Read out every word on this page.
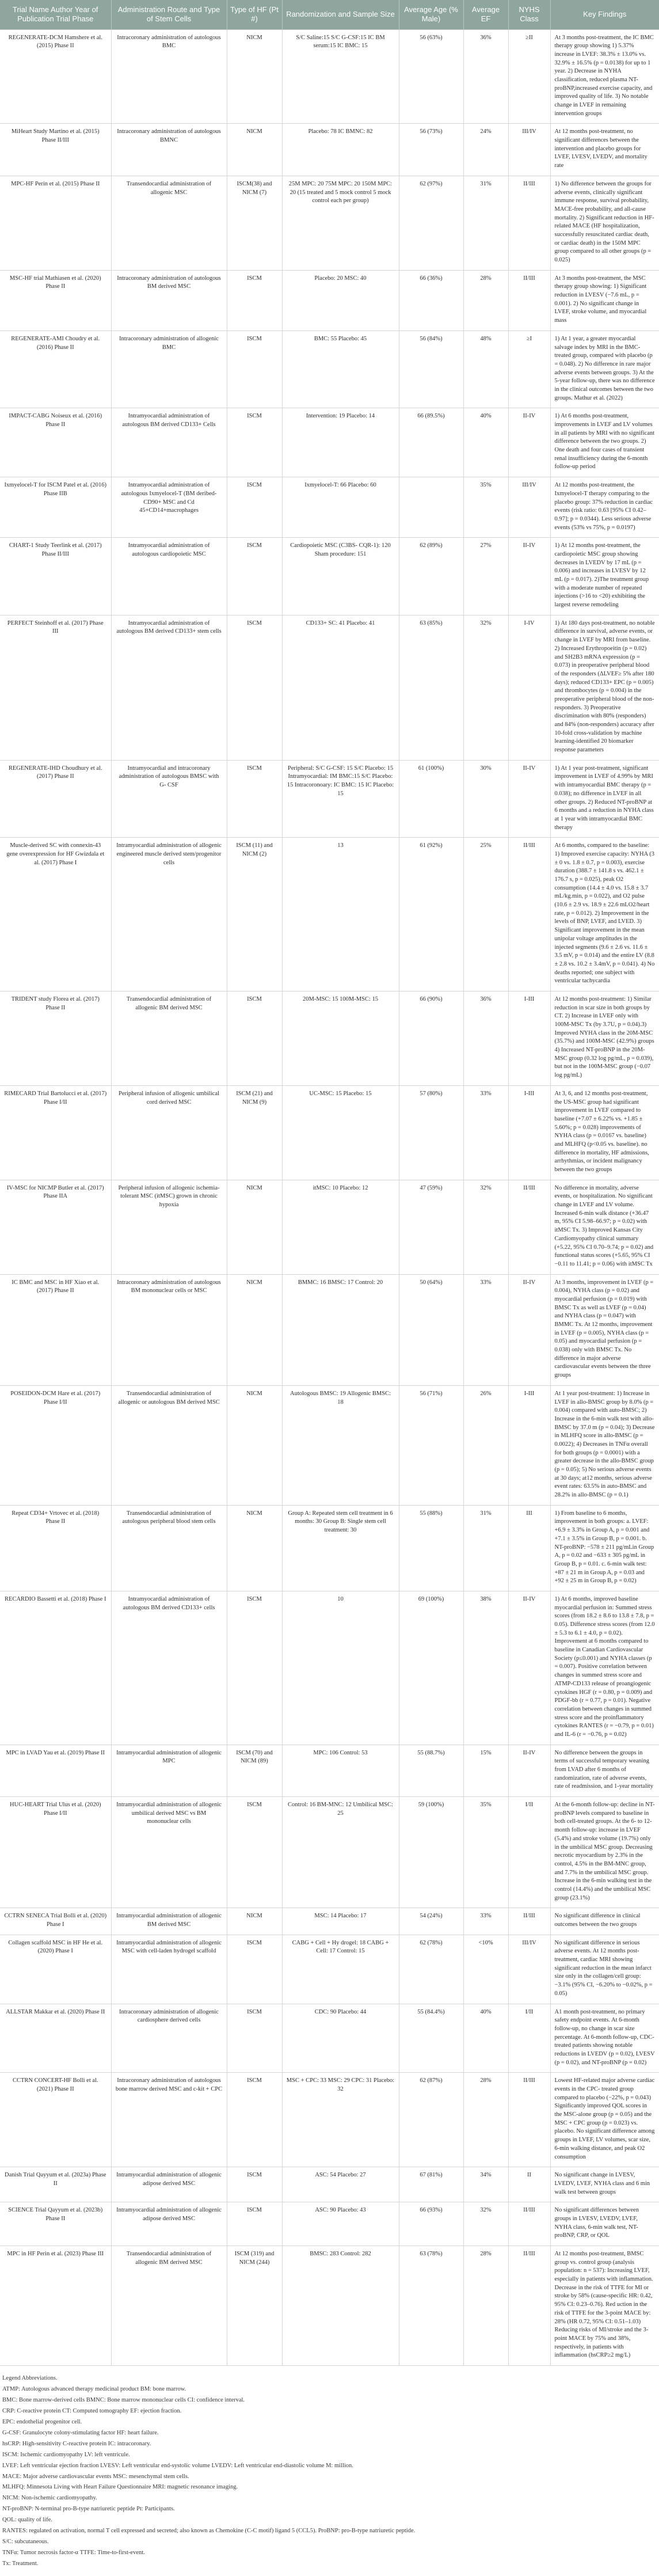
Trial Name Author Year of Publication Trial Phase	Administration Route and Type of Stem Cells	Type of HF (Pt #)	Randomization and Sample Size	Average Age (% Male)	Average EF	NYHS Class	Key Findings
REGENERATE-DCM Hamshere et al. (2015) Phase II	Intracoronary administration of autologous BMC	NICM	S/C Saline:15 S/C G-CSF:15 IC BM serum:15 IC BMC: 15	56 (63%)	36%	≥II	At 3 months post-treatment, the IC BMC therapy group showing 1) 5.37% increase in LVEF: 38.3% ± 13.0% vs. 32.9% ± 16.5% (p = 0.0138) for up to 1 year. 2) Decrease in NYHA classification, reduced plasma NT-proBNP,increased exercise capacity, and improved quality of life. 3) No notable change in LVEF in remaining intervention groups
MiHeart Study Martino et al. (2015) Phase II/III	Intracoronary administration of autologous BMNC	NICM	Placebo: 78 IC BMNC: 82	56 (73%)	24%	III/IV	At 12 months post-treatment, no significant differences between the intervention and placebo groups for LVEF, LVESV, LVEDV, and mortality rate
MPC-HF Perin et al. (2015) Phase II	Transendocardial administration of allogenic MSC	ISCM(38) and NICM (7)	25M MPC: 20 75M MPC: 20 150M MPC: 20 (15 treated and 5 mock control 5 mock control each per group)	62 (97%)	31%	II/III	1) No difference between the groups for adverse events, clinically significant immune response, survival probability, MACE-free probability, and all-cause mortality. 2) Significant reduction in HF-related MACE (HF hospitalization, successfully resuscitated cardiac death, or cardiac death) in the 150M MPC group compared to all other groups (p = 0.025)
MSC-HF trial Mathiasen et al. (2020) Phase II	Intracoronary administration of autologous BM derived MSC	ISCM	Placebo: 20 MSC: 40	66 (36%)	28%	II/III	At 3 months post-treatment, the MSC therapy group showing: 1) Significant reduction in LVESV (−7.6 mL, p = 0.001). 2) No significant change in LVEF, stroke volume, and myocardial mass
REGENERATE-AMI Choudry et al. (2016) Phase II	Intracoronary administration of allogenic BMC	ISCM	BMC: 55 Placebo: 45	56 (84%)	48%	≥I	1) At 1 year, a greater myocardial salvage index by MRI in the BMC-treated group, compared with placebo (p = 0.048). 2) No difference in rare major adverse events between groups. 3) At the 5-year follow-up, there was no difference in the clinical outcomes between the two groups. Mathur et al. (2022)
IMPACT-CABG Noiseux et al. (2016) Phase II	Intramyocardial administration of autologous BM derived CD133+ Cells	ISCM	Intervention: 19 Placebo: 14	66 (89.5%)	40%	II-IV	1) At 6 months post-treatment, improvements in LVEF and LV volumes in all patients by MRI with no significant difference between the two groups. 2) One death and four cases of transient renal insufficiency during the 6-month follow-up period
Ixmyelocel-T for ISCM Patel et al. (2016) Phase IIB	Intramyocardial administration of autologous Ixmyelocel-T (BM deribed-CD90+ MSC and Cd 45+CD14+macrophages	ISCM	Ixmyelocel-T: 66 Placebo: 60		35%	III/IV	At 12 months post-treatment, the Ixmyelocel-T therapy comparing to the placebo group: 37% reduction in cardiac events (risk ratio: 0.63 [95% CI 0.42–0.97]; p = 0.0344). Less serious adverse events (53% vs 75%, p = 0.0197)
CHART-1 Study Teerlink et al. (2017) Phase II/III	Intramyocardial administration of autologous cardiopoietic MSC	ISCM	Cardiopoietic MSC (C3BS- CQR-1): 120 Sham procedure: 151	62 (89%)	27%	II-IV	1) At 12 months post-treatment, the cardiopoietic MSC group showing decreases in LVEDV by 17 mL (p = 0.006) and increases in LVESV by 12 mL (p = 0.017). 2)The treatment group with a moderate number of repeated injections (>16 to <20) exhibiting the largest reverse remodeling
PERFECT Steinhoff et al. (2017) Phase III	Intramyocardial administration of autologous BM derived CD133+ stem cells	ISCM	CD133+ SC: 41 Placebo: 41	63 (85%)	32%	I-IV	1) At 180 days post-treatment, no notable difference in survival, adverse events, or change in LVEF by MRI from baseline. 2) Increased Erythropoeitin (p = 0.02) and SH2B3 mRNA expression (p = 0.073) in preoperative peripheral blood of the responders (ΔLVEF≥ 5% after 180 days); reduced CD133+ EPC (p = 0.005) and thrombocytes (p = 0.004) in the preoperative peripheral blood of the non-responders. 3) Preoperative discrimination with 80% (responders) and 84% (non-responders) accuracy after 10-fold cross-validation by machine learning-identified 20 biomarker response parameters
REGENERATE-IHD Choudhury et al. (2017) Phase II	Intramyocardial and intracoronary administration of autologous BMSC with G- CSF	ISCM	Peripheral: S/C G-CSF: 15 S/C Placebo: 15 Intramyocardial: IM BMC:15 S/C Placebo: 15 Intracoronoary: IC BMC: 15 IC Placebo: 15	61 (100%)	30%	II-IV	1) At 1 year post-treatment, significant improvement in LVEF of 4.99% by MRI with intramyocardial BMC therapy (p = 0.038); no difference in LVEF in all other groups. 2) Reduced NT-proBNP at 6 months and a reduction in NYHA class at 1 year with intramyocardial BMC therapy
Muscle-derived SC with connexin-43 gene overexpression for HF Gwizdala et al. (2017) Phase I	Intramyocardial administration of allogenic engineered muscle derived stem/progenitor cells	ISCM (11) and NICM (2)	13	61 (92%)	25%	II/III	At 6 months, compared to the baseline: 1) Improved exercise capacity: NYHA (3 ± 0 vs. 1.8 ± 0.7, p = 0.003), exercise duration (388.7 ± 141.8 s vs. 462.1 ± 176.7 s, p = 0.025), peak O2 consumption (14.4 ± 4.0 vs. 15.8 ± 3.7 mL/kg.min, p = 0.022), and O2 pulse (10.6 ± 2.9 vs. 18.9 ± 22.6 mLO2/heart rate, p = 0.012). 2) Improvement in the levels of BNP, LVEF, and LVED. 3) Significant improvement in the mean unipolar voltage amplitudes in the injected segments (9.6 ± 2.6 vs. 11.6 ± 3.5 mV, p = 0.014) and the entire LV (8.8 ± 2.8 vs. 10.2 ± 3.4mV, p = 0.041). 4) No deaths reported; one subject with ventricular tachycardia
TRIDENT study Florea et al. (2017) Phase II	Transendocardial administration of allogenic BM derived MSC	ISCM	20M-MSC: 15 100M-MSC: 15	66 (90%)	36%	I-III	At 12 months post-treatment: 1) Similar reduction in scar size in both groups by CT. 2) Increase in LVEF only with 100M-MSC Tx (by 3.7U, p = 0.04).3) Improved NYHA class in the 20M-MSC (35.7%) and 100M-MSC (42.9%) groups 4) Increased NT-proBNP in the 20M-MSC group (0.32 log pg/mL, p = 0.039), but not in the 100M-MSC group (−0.07 log pg/mL)
RIMECARD Trial Bartolucci et al. (2017) Phase I/II	Peripheral infusion of allogenic umbilical cord derived MSC	ISCM (21) and NICM (9)	UC-MSC: 15 Placebo: 15	57 (80%)	33%	I-III	At 3, 6, and 12 months post-treatment, the US-MSC group had significant improvement in LVEF compared to baseline (+7.07 ± 6.22% vs. +1.85 ± 5.60%; p = 0.028) improvements of NYHA class (p = 0.0167 vs. baseline) and MLHFQ (p<0.05 vs. baseline). no difference in mortality, HF admissions, arrhythmias, or incident malignancy between the two groups
IV-MSC for NICMP Butler et al. (2017) Phase IIA	Peripheral infusion of allogenic ischemia-tolerant MSC (itMSC) grown in chronic hypoxia	NICM	itMSC: 10 Placebo: 12	47 (59%)	32%	II/III	No difference in mortality, adverse events, or hospitalization. No significant change in LVEF and LV volume. Increased 6-min walk distance (+36.47 m, 95% CI 5.98–66.97; p = 0.02) with itMSC Tx. 3) Improved Kansas City Cardiomyopathy clinical summary (+5.22, 95% CI 0.70–9.74; p = 0.02) and functional status scores (+5.65, 95% CI −0.11 to 11.41; p = 0.06) with itMSC Tx
IC BMC and MSC in HF Xiao et al. (2017) Phase II	Intracoronary administration of autologous BM mononuclear cells or MSC	NICM	BMMC: 16 BMSC: 17 Control: 20	50 (64%)	33%	II-IV	At 3 months, improvement in LVEF (p = 0.004), NYHA class (p = 0.02) and myocardial perfusion (p = 0.019) with BMSC Tx as well as LVEF (p = 0.04) and NYHA class (p = 0.047) with BMMC Tx. At 12 months, improvement in LVEF (p = 0.005), NYHA class (p = 0.05) and myocardial perfusion (p = 0.038) only with BMSC Tx. No difference in major adverse cardiovascular events between the three groups
POSEIDON-DCM Hare et al. (2017) Phase I/II	Transendocardial administration of allogenic or autologous BM derived MSC	NICM	Autologous BMSC: 19 Allogenic BMSC: 18	56 (71%)	26%	I-III	At 1 year post-treatment: 1) Increase in LVEF in allo-BMSC group by 8.0% (p = 0.004) compared with auto-BMSC; 2) Increase in the 6-min walk test with allo-BMSC by 37.0 m (p = 0.04); 3) Decrease in MLHFQ score in allo-BMSC (p = 0.0022); 4) Decreases in TNFα overall for both groups (p = 0.0001) with a greater decrease in the allo-BMSC group (p = 0.05); 5) No serious adverse events at 30 days; at12 months, serious adverse event rates: 63.5% in auto-BMSC and 28.2% in allo-BMSC (p = 0.1)
Repeat CD34+ Vrtovec et al. (2018) Phase II	Transendocardial administration of autologous peripheral blood stem cells	NICM	Group A: Repeated stem cell treatment in 6 months: 30 Group B: Single stem cell treatment: 30	55 (88%)	31%	III	1) From baseline to 6 months, improvement in both groups: a. LVEF: +6.9 ± 3.3% in Group A, p = 0.001 and +7.1 ± 3.5% in Group B, p = 0.001. b. NT-proBNP: −578 ± 211 pg/mLin Group A, p = 0.02 and −633 ± 305 pg/mL in Group B, p = 0.01. c. 6-min walk test: +87 ± 21 m in Group A, p = 0.03 and +92 ± 25 m in Group B, p = 0.02)
RECARDIO Bassetti et al. (2018) Phase I	Intramyocardial administration of autologous BM derived CD133+ cells	ISCM	10	69 (100%)	38%	II-IV	1) At 6 months, improved baseline myocardial perfusion in: Summed stress scores (from 18.2 ± 8.6 to 13.8 ± 7.8, p = 0.05). Difference stress scores (from 12.0 ± 5.3 to 6.1 ± 4.0, p = 0.02). Improvement at 6 months compared to baseline in Canadian Cardiovascular Society (p≤0.001) and NYHA classes (p = 0.007). Positive correlation between changes in summed stress score and ATMP-CD133 release of proangiogenic cytokines HGF (r = 0.80, p = 0.009) and PDGF-bb (r = 0.77, p = 0.01). Negative correlation between changes in summed stress score and the proinflammatory cytokines RANTES (r = −0.79, p = 0.01) and IL-6 (r = −0.76, p = 0.02)
MPC in LVAD Yau et al. (2019) Phase II	Intramyocardial administration of allogenic MPC	ISCM (70) and NICM (89)	MPC: 106 Control: 53	55 (88.7%)	15%	II-IV	No difference between the groups in terms of successful temporary weaning from LVAD after 6 months of randomization, rate of adverse events, rate of readmission, and 1-year mortality
HUC-HEART Trial Ulus et al. (2020) Phase I/II	Intramyocardial administration of allogenic umbilical derived MSC vs BM mononuclear cells	ISCM	Control: 16 BM-MNC: 12 Umbilical MSC: 25	59 (100%)	35%	I/II	At the 6-month follow-up: decline in NT-proBNP levels compared to baseline in both cell-treated groups. At the 6- to 12-month follow-up: increase in LVEF (5.4%) and stroke volume (19.7%) only in the umbilical MSC group. Decreasing necrotic myocardium by 2.3% in the control, 4.5% in the BM-MNC group, and 7.7% in the umbilical MSC group. Increase in the 6-min walking test in the control (14.4%) and the umbilical MSC group (23.1%)
CCTRN SENECA Trial Bolli et al. (2020) Phase I	Intramyocardial administration of allogenic BM derived MSC	NICM	MSC: 14 Placebo: 17	54 (24%)	33%	II/III	No significant difference in clinical outcomes between the two groups
Collagen scaffold MSC in HF He et al. (2020) Phase I	Intramyocardial administration of allogenic MSC with cell-laden hydrogel scaffold	ISCM	CABG + Cell + Hy drogel: 18 CABG + Cell: 17 Control: 15	62 (78%)	<10%	III/IV	No significant difference in serious adverse events. At 12 months post-treatment, cardiac MRI showing significant reduction in the mean infarct size only in the collagen/cell group: −3.1% (95% CI, −6.20% to −0.02%, p = 0.05)
ALLSTAR Makkar et al. (2020) Phase II	Intracoronary administration of allogenic cardiosphere derived cells	ISCM	CDC: 90 Placebo: 44	55 (84.4%)	40%	I/II	A1 month post-treatment, no primary safety endpoint events. At 6-month follow-up, no change in scar size percentage. At 6-month follow-up, CDC-treated patients showing notable reductions in LVEDV (p = 0.02), LVESV (p = 0.02), and NT-proBNP (p = 0.02)
CCTRN CONCERT-HF Bolli et al. (2021) Phase II	Intracoronary administration of autologous bone marrow derived MSC and c-kit + CPC	ISCM	MSC + CPC: 33 MSC: 29 CPC: 31 Placebo: 32	62 (87%)	28%	II/III	Lowest HF-related major adverse cardiac events in the CPC- treated group compared to placebo (−22%, p = 0.043) Significantly improved QOL scores in the MSC-alone group (p = 0.05) and the MSC + CPC group (p = 0.023) vs. placebo. No significant difference among groups in LVEF, LV volumes, scar size, 6-min walking distance, and peak O2 consumption
Danish Trial Qayyum et al. (2023a) Phase II	Intramyocardial administration of allogenic adipose derived MSC	ISCM	ASC: 54 Placebo: 27	67 (81%)	34%	II	No significant change in LVESV, LVEDV, LVEF, NYHA class and 6 min walk test between groups
SCIENCE Trial Qayyum et al. (2023b) Phase II	Intramyocardial administration of allogenic adipose derived MSC	ISCM	ASC: 90 Placebo: 43	66 (93%)	32%	II/III	No significant differences between groups in LVESV, LVEDV, LVEF, NYHA class, 6-min walk test, NT-proBNP, CRP, or QOL
MPC in HF Perin et al. (2023) Phase III	Transendocardial administration of allogenic BM derived MSC	ISCM (319) and NICM (244)	BMSC: 283 Control: 282	63 (78%)	28%	II/III	At 12 months post-treatment, BMSC group vs. control group (analysis population: n = 537): Increasing LVEF, especially in patients with inflammation. Decrease in the risk of TTFE for MI or stroke by 58% (cause-specific HR: 0.42, 95% CI: 0.23–0.76). Red uction in the risk of TTFE for the 3-point MACE by: 28% (HR 0.72, 95% CI: 0.51–1.03) Reducing risks of MI/stroke and the 3-point MACE by 75% and 38%, respectively, in patients with inflammation (hsCRP≥2 mg/L)
Legend Abbreviations.
ATMP: Autologous advanced therapy medicinal product BM: bone marrow.
BMC: Bone marrow-derived cells BMNC: Bone marrow mononuclear cells CI: confidence interval.
CRP: C-reactive protein CT: Computed tomography EF: ejection fraction.
EPC: endothelial progenitor cell.
G-CSF: Granulocyte colony-stimulating factor HF: heart failure.
hsCRP: High-sensitivity C-reactive protein IC: intracoronary.
ISCM: Ischemic cardiomyopathy LV: left ventricule.
LVEF: Left ventricular ejection fraction LVESV: Left ventricular end-systolic volume LVEDV: Left ventricular end-diastolic volume M: million.
MACE: Major adverse cardiovascular events MSC: mesenchymal stem cells.
MLHFQ: Minnesota Living with Heart Failure Questionnaire MRI: magnetic resonance imaging.
NICM: Non-ischemic cardiomyopathy.
NT-proBNP: N-terminal pro-B-type natriuretic peptide Pt: Participants.
QOL: quality of life.
RANTES: regulated on activation, normal T cell expressed and secreted; also known as Chemokine (C-C motif) ligand 5 (CCL5). ProBNP: pro-B-type natriuretic peptide.
S/C: subcutaneous.
TNFα: Tumor necrosis factor-α TTFE: Time-to-first-event.
Tx: Treatment.
